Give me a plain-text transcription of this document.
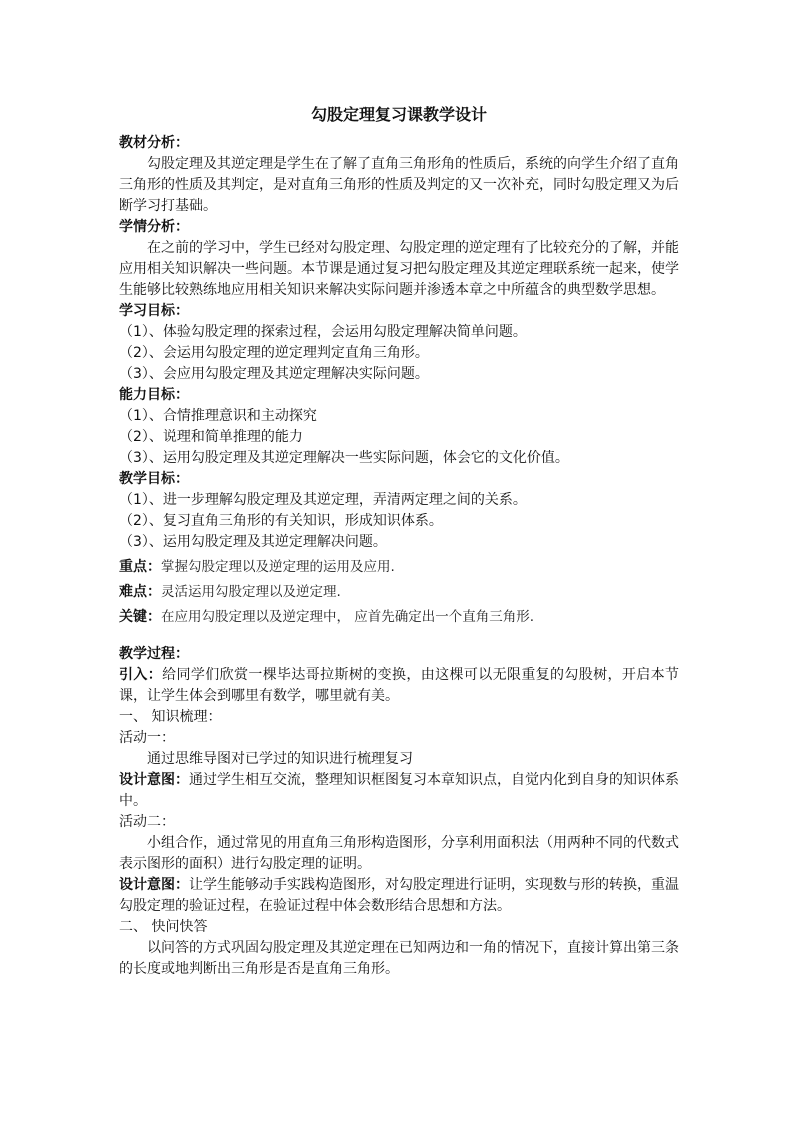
勾股定理复习课教学设计
教材分析：

勾股定理及其逆定理是学生在了解了直角三角形角的性质后，系统的向学生介绍了直角三角形的性质及其判定，是对直角三角形的性质及判定的又一次补充，同时勾股定理又为后断学习打基础。

学情分析：

在之前的学习中，学生已经对勾股定理、勾股定理的逆定理有了比较充分的了解，并能应用相关知识解决一些问题。本节课是通过复习把勾股定理及其逆定理联系统一起来，使学生能够比较熟练地应用相关知识来解决实际问题并渗透本章之中所蕴含的典型数学思想。

学习目标：
（1）、体验勾股定理的探索过程，会运用勾股定理解决简单问题。
（2）、会运用勾股定理的逆定理判定直角三角形。
（3）、会应用勾股定理及其逆定理解决实际问题。
能力目标：
（1）、合情推理意识和主动探究
（2）、说理和简单推理的能力
（3）、运用勾股定理及其逆定理解决一些实际问题，体会它的文化价值。
教学目标：
（1）、进一步理解勾股定理及其逆定理，弄清两定理之间的关系。
（2）、复习直角三角形的有关知识，形成知识体系。
（3）、运用勾股定理及其逆定理解决问题。
重点：掌握勾股定理以及逆定理的运用及应用.
难点：灵活运用勾股定理以及逆定理.
关键：在应用勾股定理以及逆定理中， 应首先确定出一个直角三角形.
教学过程：

引入：给同学们欣赏一棵毕达哥拉斯树的变换，由这棵可以无限重复的勾股树，开启本节课，让学生体会到哪里有数学，哪里就有美。

一、 知识梳理：
活动一：

通过思维导图对已学过的知识进行梳理复习

设计意图：通过学生相互交流，整理知识框图复习本章知识点，自觉内化到自身的知识体系中。

活动二：

小组合作，通过常见的用直角三角形构造图形，分享利用面积法（用两种不同的代数式表示图形的面积）进行勾股定理的证明。

设计意图：让学生能够动手实践构造图形，对勾股定理进行证明，实现数与形的转换，重温勾股定理的验证过程，在验证过程中体会数形结合思想和方法。

二、 快问快答

以问答的方式巩固勾股定理及其逆定理在已知两边和一角的情况下，直接计算出第三条的长度或地判断出三角形是否是直角三角形。
